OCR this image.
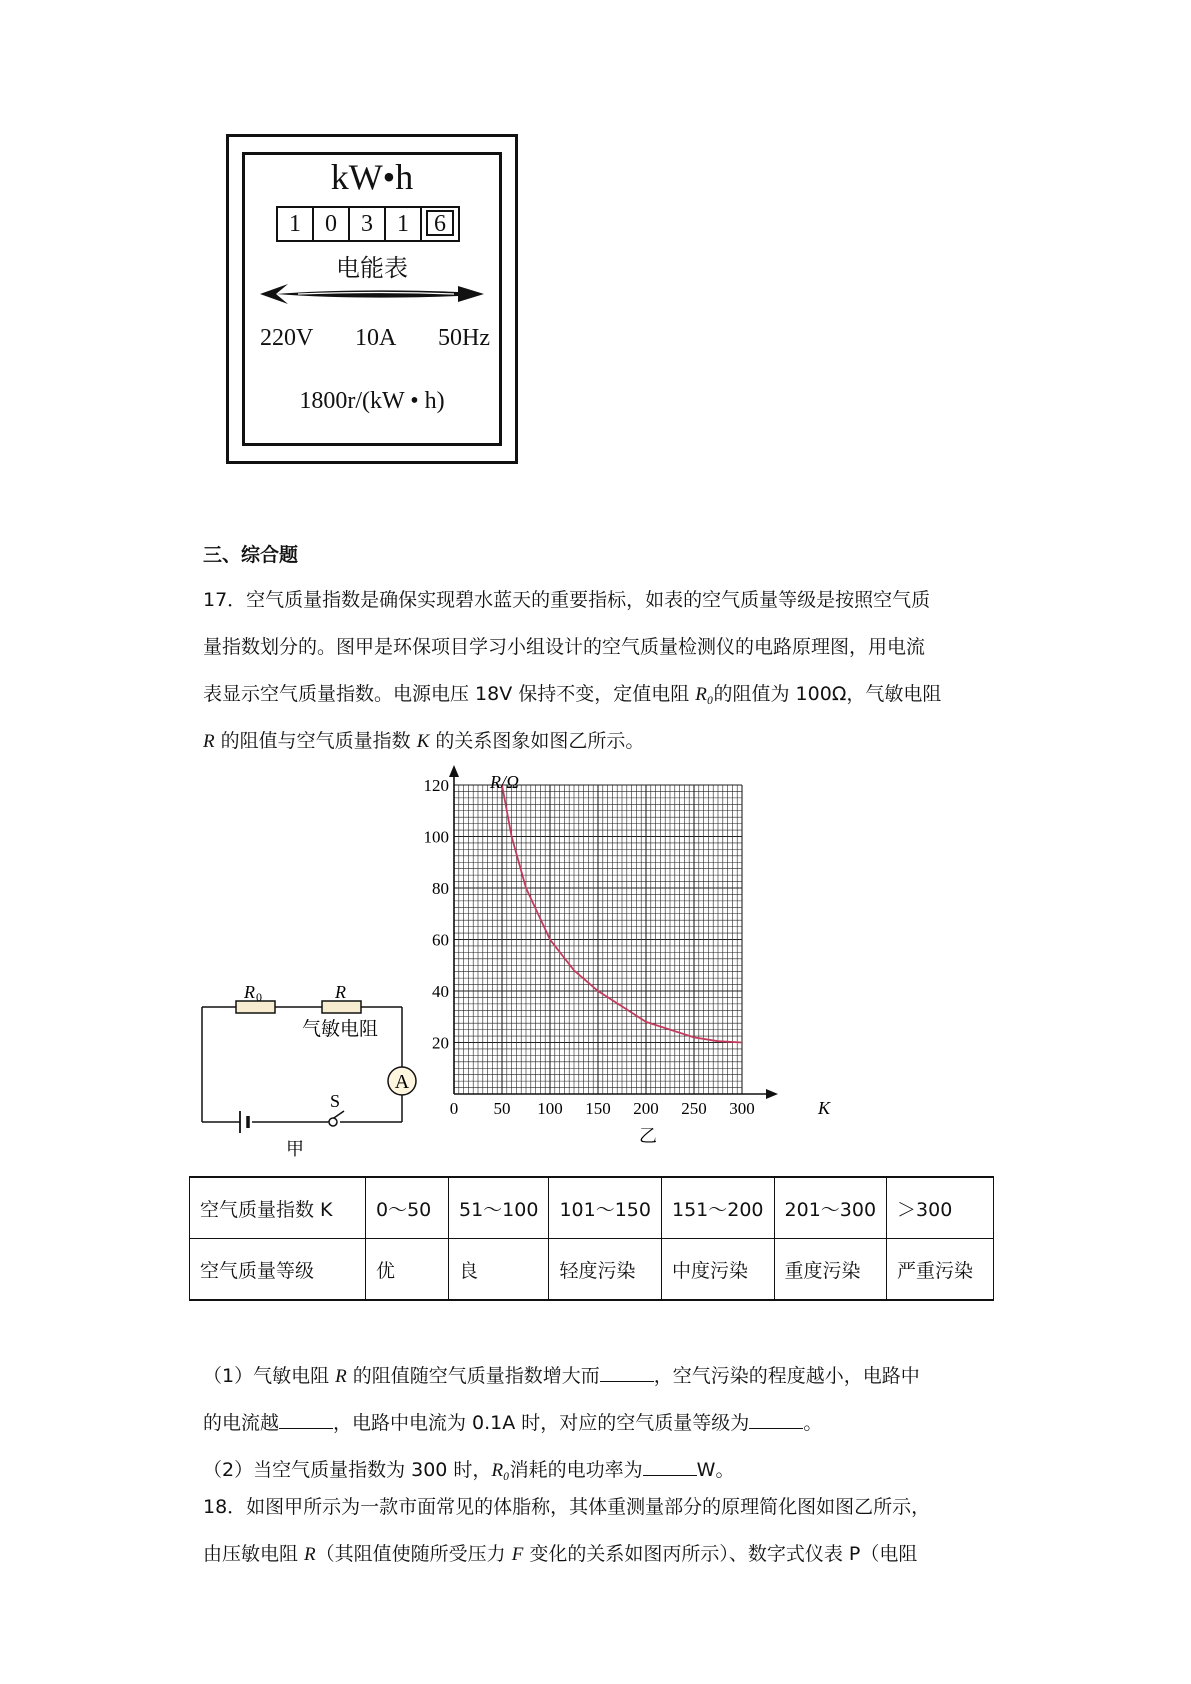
kW•h
1	0	3	1	6
电能表
220V 10A 50Hz
1800r/(kW • h)
三、综合题
17．空气质量指数是确保实现碧水蓝天的重要指标，如表的空气质量等级是按照空气质
量指数划分的。图甲是环保项目学习小组设计的空气质量检测仪的电路原理图，用电流
表显示空气质量指数。电源电压 18V 保持不变，定值电阻 R₀的阻值为 100Ω，气敏电阻
R 的阻值与空气质量指数 K 的关系图象如图乙所示。
A
R 0	R
气敏电阻
S
甲
0 50 100 150 200 250 300
20
40
60
80
100
120 R/Ω
K
乙
空气质量指数 K	0～50	51～100	101～150	151～200	201～300	＞300
空气质量等级	优	良	轻度污染	中度污染	重度污染	严重污染
（1）气敏电阻 R 的阻值随空气质量指数增大而	，空气污染的程度越小，电路中
的电流越	，电路中电流为 0.1A 时，对应的空气质量等级为	。
（2）当空气质量指数为 300 时，R₀消耗的电功率为	W。
18．如图甲所示为一款市面常见的体脂称，其体重测量部分的原理简化图如图乙所示，
由压敏电阻 R（其阻值使随所受压力 F 变化的关系如图丙所示）、数字式仪表 P（电阻
